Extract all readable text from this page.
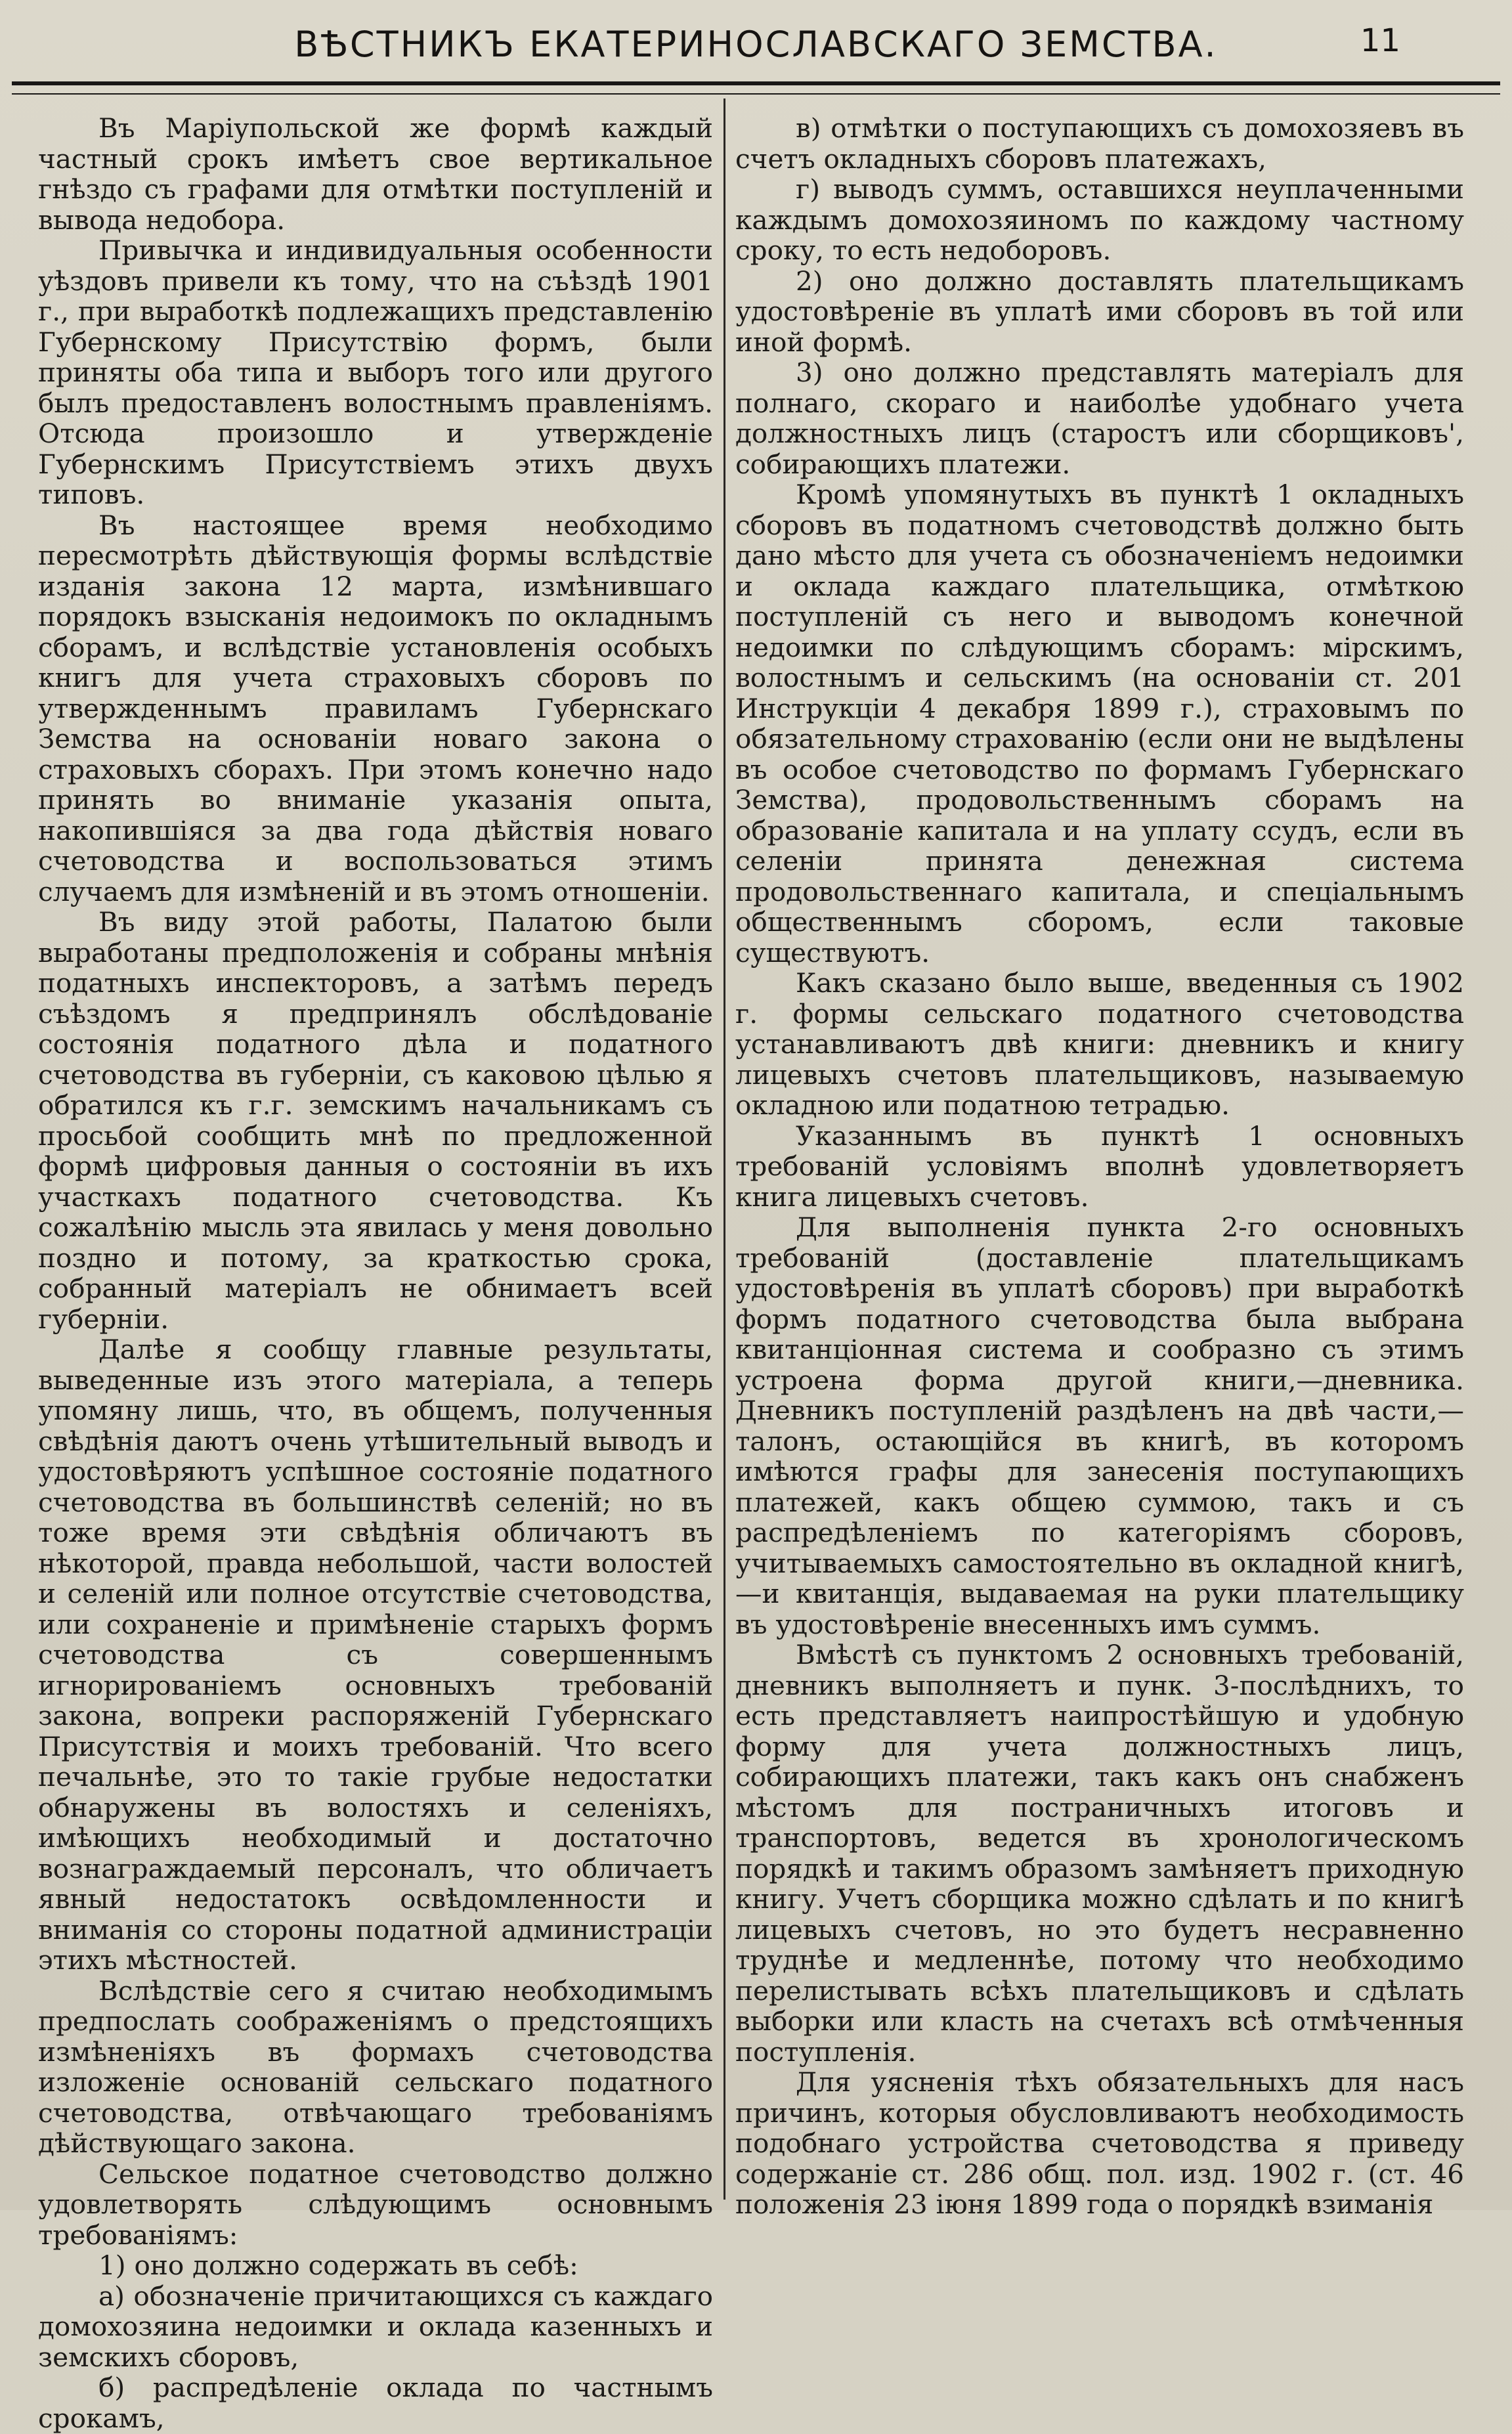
ВѢСТНИКЪ ЕКАТЕРИНОСЛАВСКАГО ЗЕМСТВА.	11

Въ Маріупольской же формѣ каждый частный срокъ имѣетъ свое вертикальное гнѣздо съ графами для отмѣтки поступленій и вывода недобора.

Привычка и индивидуальныя особенности уѣздовъ привели къ тому, что на съѣздѣ 1901 г., при выработкѣ подлежащихъ представленію Губернскому Присутствію формъ, были приняты оба типа и выборъ того или другого былъ предоставленъ волостнымъ правленіямъ. Отсюда произошло и утвержденіе Губернскимъ Присутствіемъ этихъ двухъ типовъ.

Въ настоящее время необходимо пересмотрѣть дѣйствующія формы вслѣдствіе изданія закона 12 марта, измѣнившаго порядокъ взысканія недоимокъ по окладнымъ сборамъ, и вслѣдствіе установленія особыхъ книгъ для учета страховыхъ сборовъ по утвержденнымъ правиламъ Губернскаго Земства на основаніи новаго закона о страховыхъ сборахъ. При этомъ конечно надо принять во вниманіе указанія опыта, накопившіяся за два года дѣйствія новаго счетоводства и воспользоваться этимъ случаемъ для измѣненій и въ этомъ отношеніи.

Въ виду этой работы, Палатою были выработаны предположенія и собраны мнѣнія податныхъ инспекторовъ, а затѣмъ передъ съѣздомъ я предпринялъ обслѣдованіе состоянія податного дѣла и податного счетоводства въ губерніи, съ каковою цѣлью я обратился къ г.г. земскимъ начальникамъ съ просьбой сообщить мнѣ по предложенной формѣ цифровыя данныя о состояніи въ ихъ участкахъ податного счетоводства. Къ сожалѣнію мысль эта явилась у меня довольно поздно и потому, за краткостью срока, собранный матеріалъ не обнимаетъ всей губерніи.

Далѣе я сообщу главные результаты, выведенные изъ этого матеріала, а теперь упомяну лишь, что, въ общемъ, полученныя свѣдѣнія даютъ очень утѣшительный выводъ и удостовѣряютъ успѣшное состояніе податного счетоводства въ большинствѣ селеній; но въ тоже время эти свѣдѣнія обличаютъ въ нѣкоторой, правда небольшой, части волостей и селеній или полное отсутствіе счетоводства, или сохраненіе и примѣненіе старыхъ формъ счетоводства съ совершеннымъ игнорированіемъ основныхъ требованій закона, вопреки распоряженій Губернскаго Присутствія и моихъ требованій. Что всего печальнѣе, это то такіе грубые недостатки обнаружены въ волостяхъ и селеніяхъ, имѣющихъ необходимый и достаточно вознаграждаемый персоналъ, что обличаетъ явный недостатокъ освѣдомленности и вниманія со стороны податной администраціи этихъ мѣстностей.

Вслѣдствіе сего я считаю необходимымъ предпослать соображеніямъ о предстоящихъ измѣненіяхъ въ формахъ счетоводства изложеніе основаній сельскаго податного счетоводства, отвѣчающаго требованіямъ дѣйствующаго закона.

Сельское податное счетоводство должно удовлетворять слѣдующимъ основнымъ требованіямъ:

1) оно должно содержать въ себѣ:

а) обозначеніе причитающихся съ каждаго домохозяина недоимки и оклада казенныхъ и земскихъ сборовъ,

б) распредѣленіе оклада по частнымъ срокамъ,

в) отмѣтки о поступающихъ съ домохозяевъ въ счетъ окладныхъ сборовъ платежахъ,

г) выводъ суммъ, оставшихся неуплаченными каждымъ домохозяиномъ по каждому частному сроку, то есть недоборовъ.

2) оно должно доставлять плательщикамъ удостовѣреніе въ уплатѣ ими сборовъ въ той или иной формѣ.

3) оно должно представлять матеріалъ для полнаго, скораго и наиболѣе удобнаго учета должностныхъ лицъ (старостъ или сборщиковъ', собирающихъ платежи.

Кромѣ упомянутыхъ въ пунктѣ 1 окладныхъ сборовъ въ податномъ счетоводствѣ должно быть дано мѣсто для учета съ обозначеніемъ недоимки и оклада каждаго плательщика, отмѣткою поступленій съ него и выводомъ конечной недоимки по слѣдующимъ сборамъ: мірскимъ, волостнымъ и сельскимъ (на основаніи ст. 201 Инструкціи 4 декабря 1899 г.), страховымъ по обязательному страхованію (если они не выдѣлены въ особое счетоводство по формамъ Губернскаго Земства), продовольственнымъ сборамъ на образованіе капитала и на уплату ссудъ, если въ селеніи принята денежная система продовольственнаго капитала, и спеціальнымъ общественнымъ сборомъ, если таковые существуютъ.

Какъ сказано было выше, введенныя съ 1902 г. формы сельскаго податного счетоводства устанавливаютъ двѣ книги: дневникъ и книгу лицевыхъ счетовъ плательщиковъ, называемую окладною или податною тетрадью.

Указаннымъ въ пунктѣ 1 основныхъ требованій условіямъ вполнѣ удовлетворяетъ книга лицевыхъ счетовъ.

Для выполненія пункта 2-го основныхъ требованій (доставленіе плательщикамъ удостовѣренія въ уплатѣ сборовъ) при выработкѣ формъ податного счетоводства была выбрана квитанціонная система и сообразно съ этимъ устроена форма другой книги,—дневника. Дневникъ поступленій раздѣленъ на двѣ части,—талонъ, остающійся въ книгѣ, въ которомъ имѣются графы для занесенія поступающихъ платежей, какъ общею суммою, такъ и съ распредѣленіемъ по категоріямъ сборовъ, учитываемыхъ самостоятельно въ окладной книгѣ,—и квитанція, выдаваемая на руки плательщику въ удостовѣреніе внесенныхъ имъ суммъ.

Вмѣстѣ съ пунктомъ 2 основныхъ требованій, дневникъ выполняетъ и пунк. 3-послѣднихъ, то есть представляетъ наипростѣйшую и удобную форму для учета должностныхъ лицъ, собирающихъ платежи, такъ какъ онъ снабженъ мѣстомъ для постраничныхъ итоговъ и транспортовъ, ведется въ хронологическомъ порядкѣ и такимъ образомъ замѣняетъ приходную книгу. Учетъ сборщика можно сдѣлать и по книгѣ лицевыхъ счетовъ, но это будетъ несравненно труднѣе и медленнѣе, потому что необходимо перелистывать всѣхъ плательщиковъ и сдѣлать выборки или класть на счетахъ всѣ отмѣченныя поступленія.

Для уясненія тѣхъ обязательныхъ для насъ причинъ, которыя обусловливаютъ необходимость подобнаго устройства счетоводства я приведу содержаніе ст. 286 общ. пол. изд. 1902 г. (ст. 46 положенія 23 іюня 1899 года о порядкѣ взиманія
